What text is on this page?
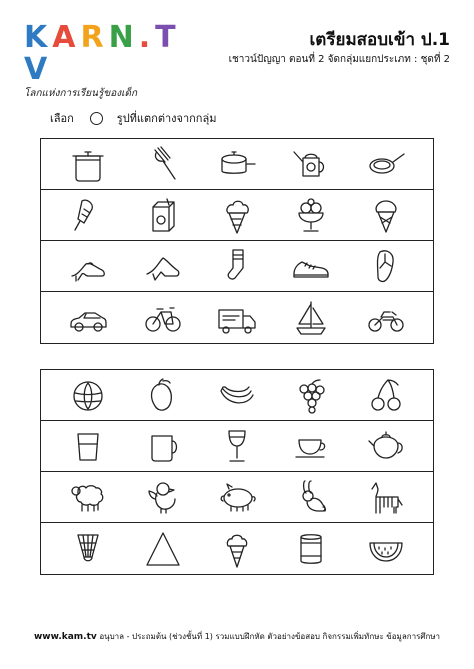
KARN.TV
โลกแห่งการเรียนรู้ของเด็ก
เตรียมสอบเข้า ป.1
เชาวน์ปัญญา ตอนที่ 2 จัดกลุ่มแยกประเภท : ชุดที่ 2
เลือก	รูปที่แตกต่างจากกลุ่ม
www.kam.tv อนุบาล - ประถมต้น (ช่วงชั้นที่ 1) รวมแบบฝึกหัด ตัวอย่างข้อสอบ กิจกรรมเพิ่มทักษะ ข้อมูลการศึกษา
